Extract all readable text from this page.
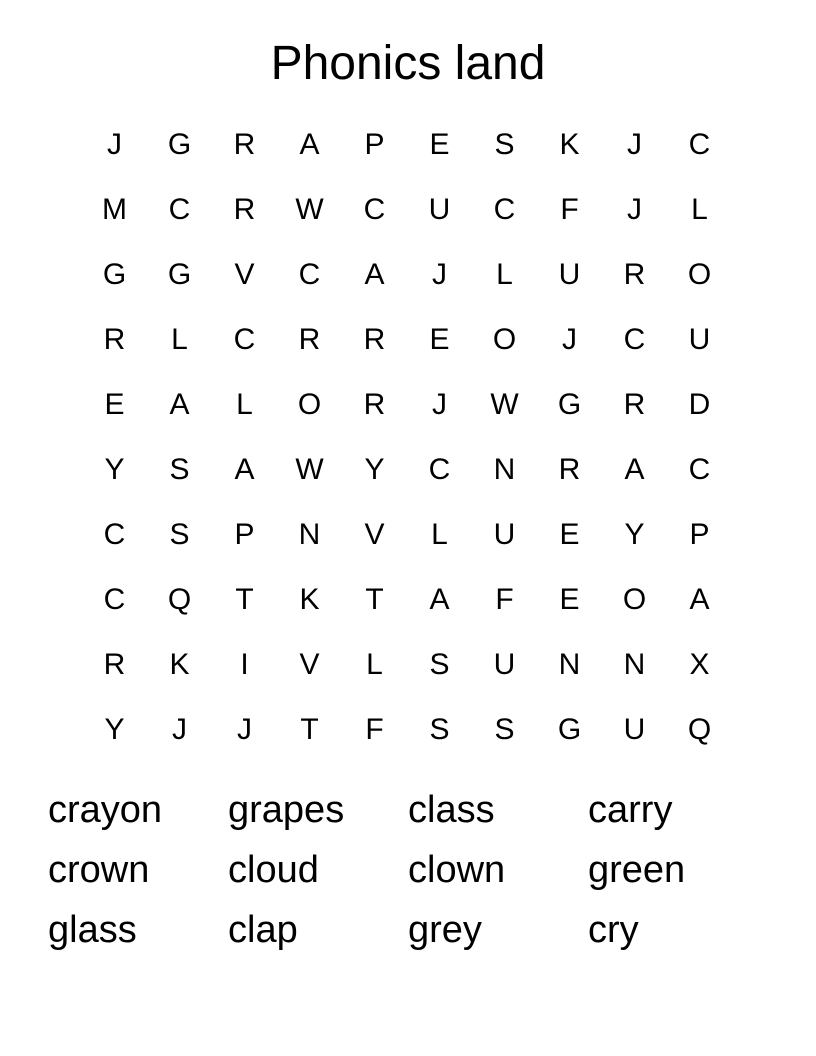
Phonics land
J	G	R	A	P	E	S	K	J	C
M	C	R	W	C	U	C	F	J	L
G	G	V	C	A	J	L	U	R	O
R	L	C	R	R	E	O	J	C	U
E	A	L	O	R	J	W	G	R	D
Y	S	A	W	Y	C	N	R	A	C
C	S	P	N	V	L	U	E	Y	P
C	Q	T	K	T	A	F	E	O	A
R	K	I	V	L	S	U	N	N	X
Y	J	J	T	F	S	S	G	U	Q
crayon	grapes	class	carry
crown	cloud	clown	green
glass	clap	grey	cry
